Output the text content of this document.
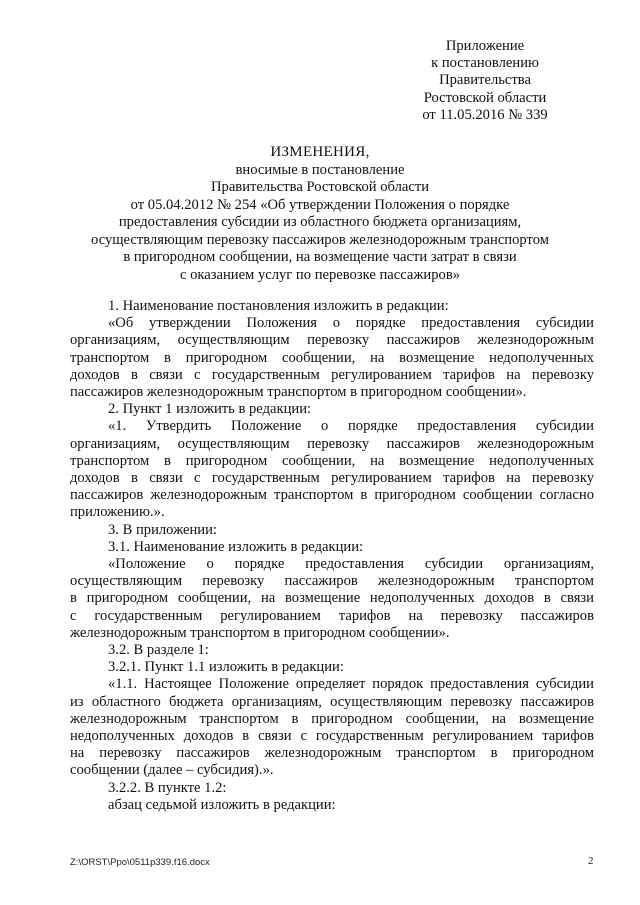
Приложение
к постановлению
Правительства
Ростовской области
от 11.05.2016 № 339
ИЗМЕНЕНИЯ,
вносимые в постановление
Правительства Ростовской области
от 05.04.2012 № 254 «Об утверждении Положения о порядке
предоставления субсидии из областного бюджета организациям,
осуществляющим перевозку пассажиров железнодорожным транспортом
в пригородном сообщении, на возмещение части затрат в связи
с оказанием услуг по перевозке пассажиров»
1. Наименование постановления изложить в редакции:
«Об утверждении Положения о порядке предоставления субсидии
организациям, осуществляющим перевозку пассажиров железнодорожным
транспортом в пригородном сообщении, на возмещение недополученных
доходов в связи с государственным регулированием тарифов на перевозку
пассажиров железнодорожным транспортом в пригородном сообщении».
2. Пункт 1 изложить в редакции:
«1. Утвердить Положение о порядке предоставления субсидии
организациям, осуществляющим перевозку пассажиров железнодорожным
транспортом в пригородном сообщении, на возмещение недополученных
доходов в связи с государственным регулированием тарифов на перевозку
пассажиров железнодорожным транспортом в пригородном сообщении согласно
приложению.».
3. В приложении:
3.1. Наименование изложить в редакции:
«Положение о порядке предоставления субсидии организациям,
осуществляющим перевозку пассажиров железнодорожным транспортом
в пригородном сообщении, на возмещение недополученных доходов в связи
с государственным регулированием тарифов на перевозку пассажиров
железнодорожным транспортом в пригородном сообщении».
3.2. В разделе 1:
3.2.1. Пункт 1.1 изложить в редакции:
«1.1. Настоящее Положение определяет порядок предоставления субсидии
из областного бюджета организациям, осуществляющим перевозку пассажиров
железнодорожным транспортом в пригородном сообщении, на возмещение
недополученных доходов в связи с государственным регулированием тарифов
на перевозку пассажиров железнодорожным транспортом в пригородном
сообщении (далее – субсидия).».
3.2.2. В пункте 1.2:
абзац седьмой изложить в редакции:
Z:\ORST\Ppo\0511p339.f16.docx	2
